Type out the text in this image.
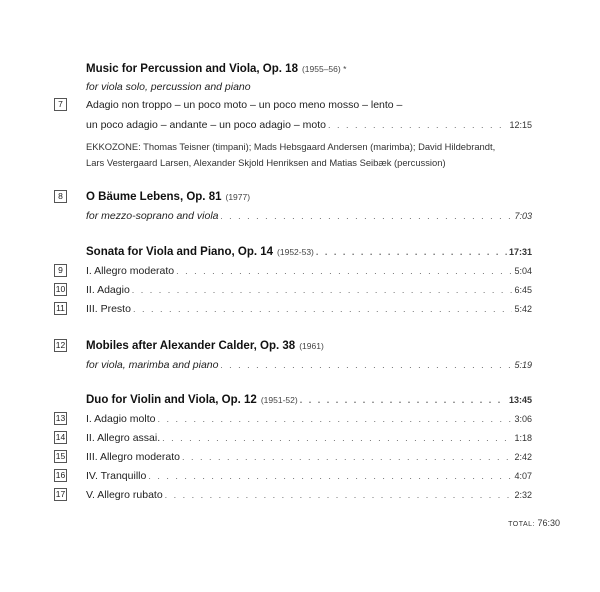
Music for Percussion and Viola, Op. 18 (1955–56) *
for viola solo, percussion and piano
7	Adagio non troppo – un poco moto – un poco meno mosso – lento –
un poco adagio – andante – un poco adagio – moto . . .	12:15
EKKOZONE: Thomas Teisner (timpani); Mads Hebsgaard Andersen (marimba); David Hildebrandt,
Lars Vestergaard Larsen, Alexander Skjold Henriksen and Matias Seibæk (percussion)
8	O Bäume Lebens, Op. 81 (1977)
for mezzo-soprano and viola . . .	7:03
Sonata for Viola and Piano, Op. 14 (1952-53) . . .	17:31
9	I. Allegro moderato . . .	5:04
10 II. Adagio . . .	6:45
11 III. Presto . . .	5:42
12 Mobiles after Alexander Calder, Op. 38 (1961)
for viola, marimba and piano . . .	5:19
Duo for Violin and Viola, Op. 12 (1951-52) . . .	13:45
13 I. Adagio molto . . .	3:06
14 II. Allegro assai. . . .	1:18
15 III. Allegro moderato . . .	2:42
16 IV. Tranquillo . . .	4:07
17 V. Allegro rubato . . .	2:32
TOTAL: 76:30
